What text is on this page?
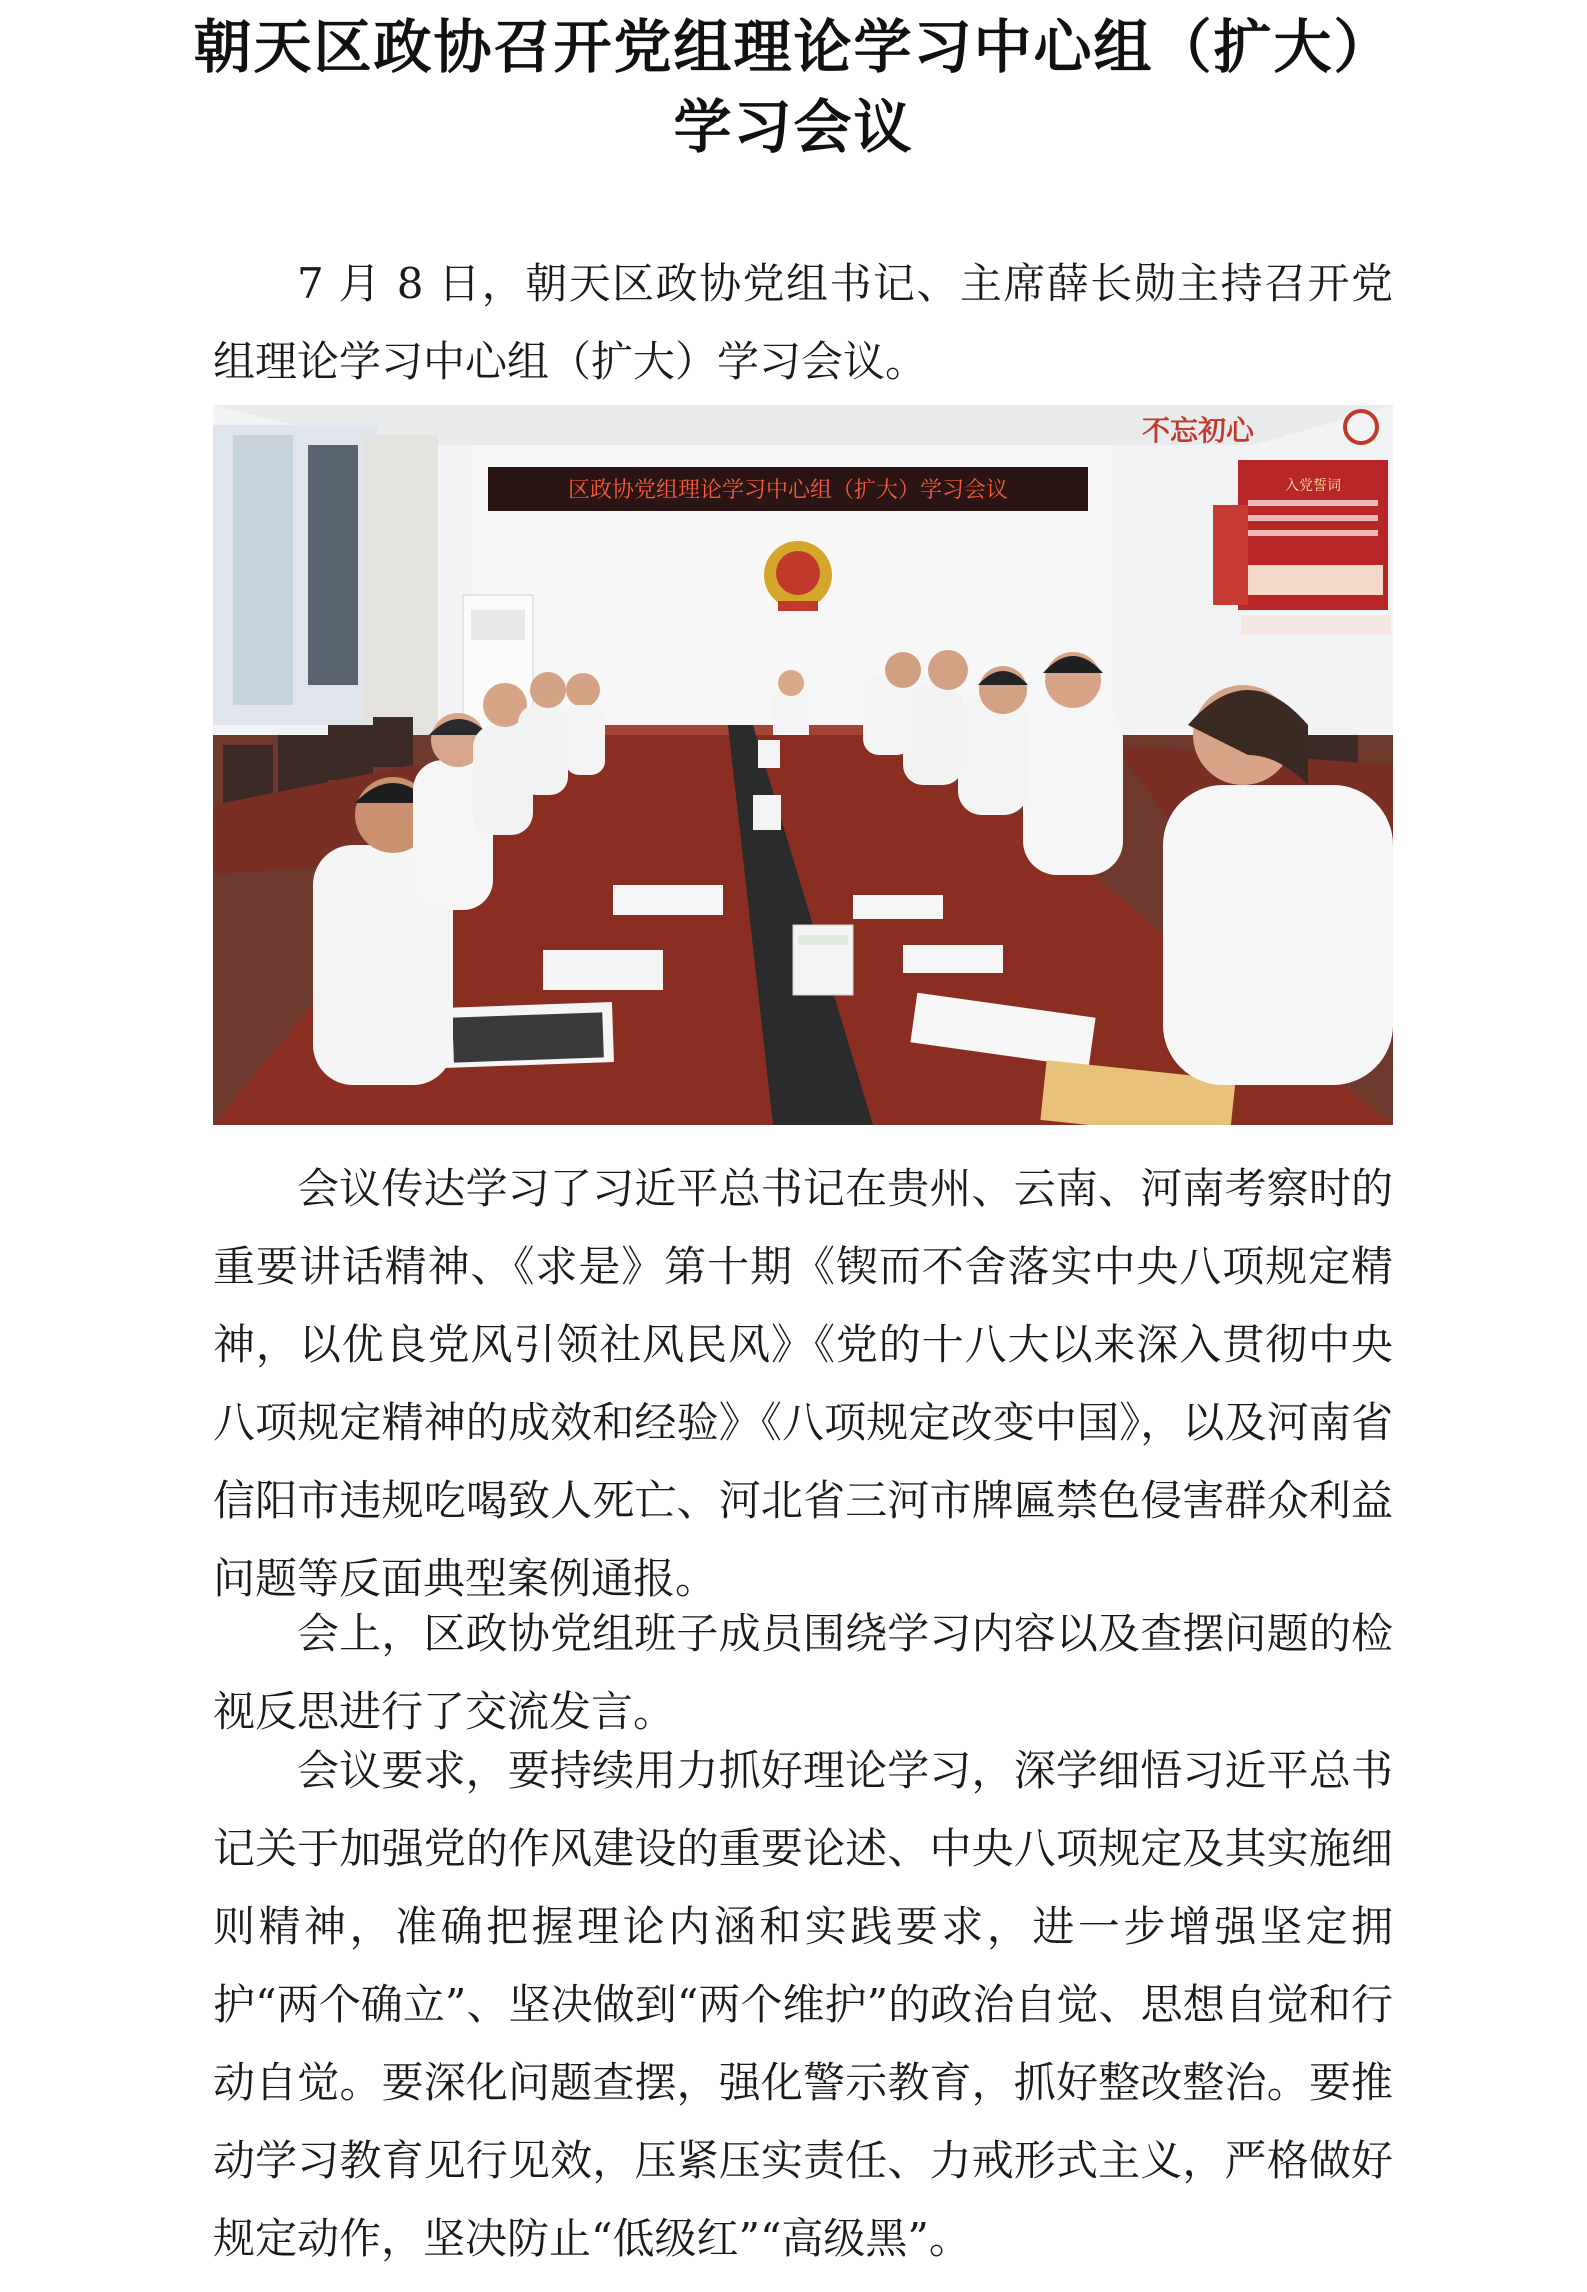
朝天区政协召开党组理论学习中心组（扩大）
学习会议
7 月 8 日，朝天区政协党组书记、主席薛长勋主持召开党组理论学习中心组（扩大）学习会议。
区政协党组理论学习中心组（扩大）学习会议
不忘初心
入党誓词
会议传达学习了习近平总书记在贵州、云南、河南考察时的重要讲话精神、《求是》第十期《锲而不舍落实中央八项规定精神，以优良党风引领社风民风》《党的十八大以来深入贯彻中央八项规定精神的成效和经验》《八项规定改变中国》，以及河南省信阳市违规吃喝致人死亡、河北省三河市牌匾禁色侵害群众利益问题等反面典型案例通报。
会上，区政协党组班子成员围绕学习内容以及查摆问题的检视反思进行了交流发言。
会议要求，要持续用力抓好理论学习，深学细悟习近平总书记关于加强党的作风建设的重要论述、中央八项规定及其实施细则精神，准确把握理论内涵和实践要求，进一步增强坚定拥护“两个确立”、坚决做到“两个维护”的政治自觉、思想自觉和行动自觉。要深化问题查摆，强化警示教育，抓好整改整治。要推动学习教育见行见效，压紧压实责任、力戒形式主义，严格做好规定动作，坚决防止“低级红”“高级黑”。
